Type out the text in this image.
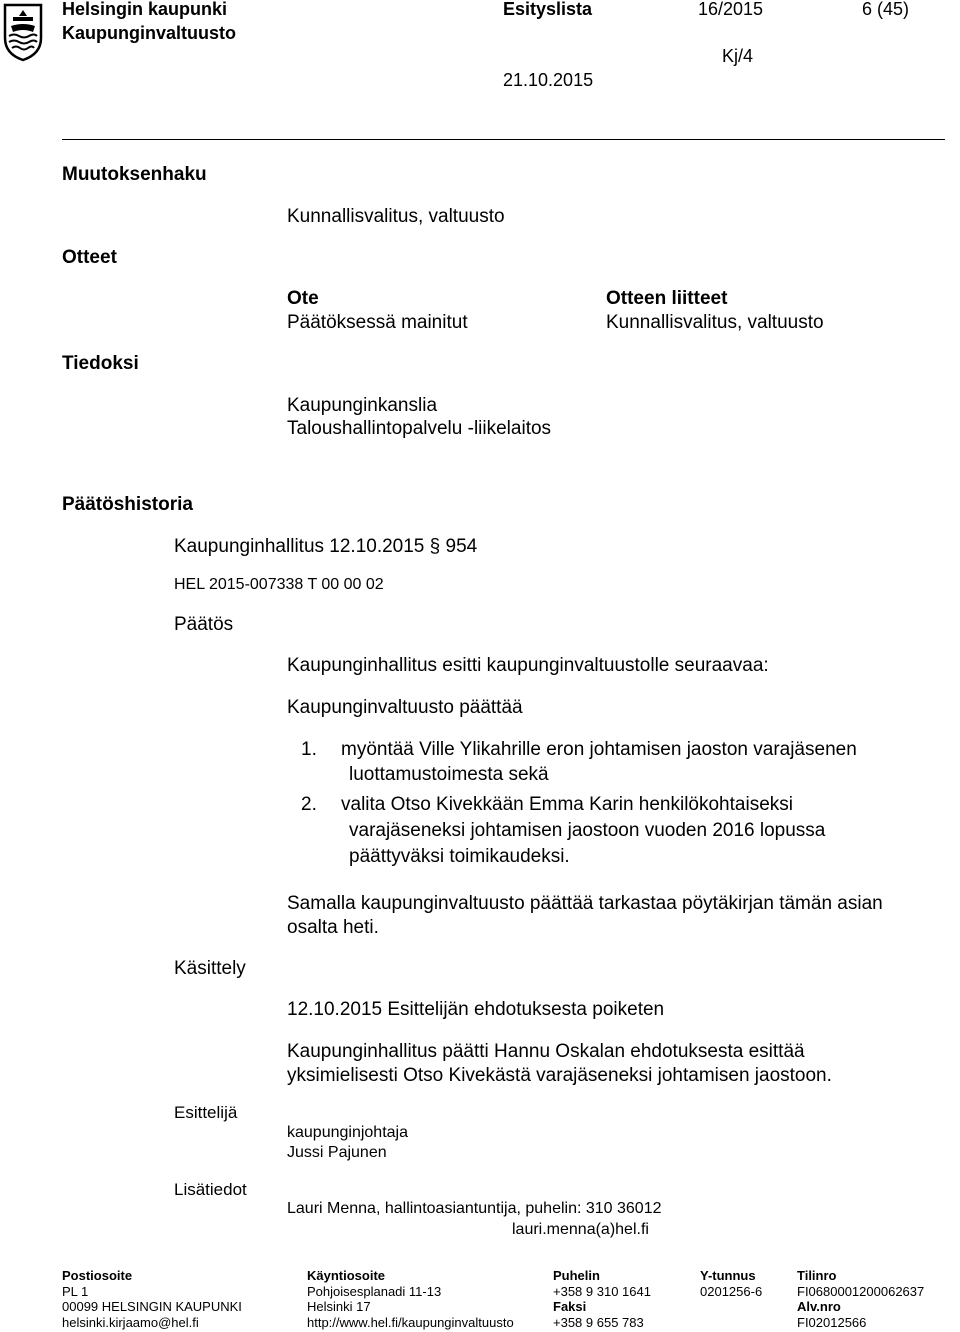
Helsingin kaupunki
Kaupunginvaltuusto
Esityslista	16/2015	6 (45)
Kj/4
21.10.2015
Muutoksenhaku
Kunnallisvalitus, valtuusto
Otteet
Ote
Päätöksessä mainitut
Otteen liitteet
Kunnallisvalitus, valtuusto
Tiedoksi
Kaupunginkanslia
Taloushallintopalvelu -liikelaitos
Päätöshistoria
Kaupunginhallitus 12.10.2015 § 954
HEL 2015-007338 T 00 00 02
Päätös
Kaupunginhallitus esitti kaupunginvaltuustolle seuraavaa:
Kaupunginvaltuusto päättää
1. myöntää Ville Ylikahrille eron johtamisen jaoston varajäsenen
luottamustoimesta sekä
2. valita Otso Kivekkään Emma Karin henkilökohtaiseksi
varajäseneksi johtamisen jaostoon vuoden 2016 lopussa
päättyväksi toimikaudeksi.
Samalla kaupunginvaltuusto päättää tarkastaa pöytäkirjan tämän asian
osalta heti.
Käsittely
12.10.2015 Esittelijän ehdotuksesta poiketen
Kaupunginhallitus päätti Hannu Oskalan ehdotuksesta esittää
yksimielisesti Otso Kivekästä varajäseneksi johtamisen jaostoon.
Esittelijä
kaupunginjohtaja
Jussi Pajunen
Lisätiedot
Lauri Menna, hallintoasiantuntija, puhelin: 310 36012
lauri.menna(a)hel.fi
Postiosoite
PL 1
00099 HELSINGIN KAUPUNKI
helsinki.kirjaamo@hel.fi
Käyntiosoite
Pohjoisesplanadi 11-13
Helsinki 17
http://www.hel.fi/kaupunginvaltuusto
Puhelin
+358 9 310 1641
Faksi
+358 9 655 783
Y-tunnus
0201256-6
Tilinro
FI0680001200062637
Alv.nro
FI02012566
